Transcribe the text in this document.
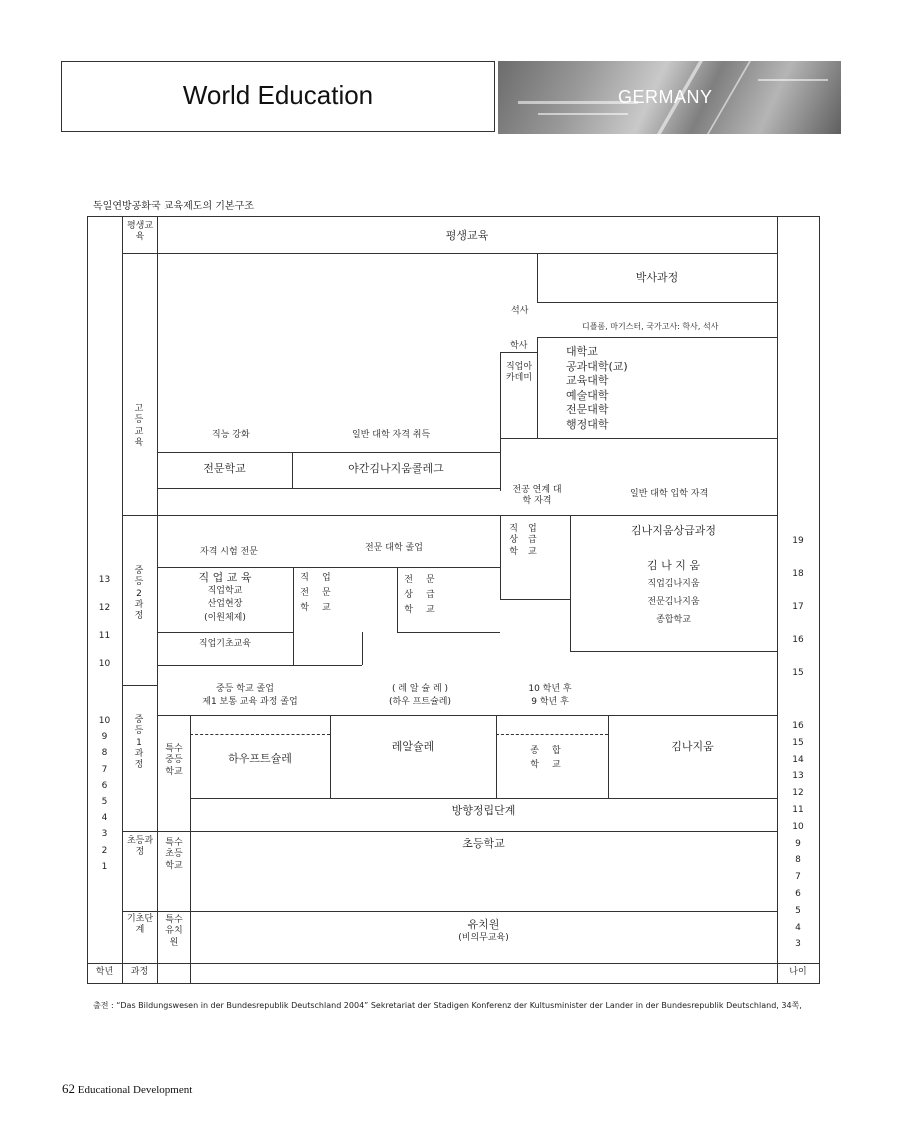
World Education	GERMANY
독일연방공화국 교육제도의 기본구조
평생교육	평생교육
고등교육
중등2과정
중등1과정
초등과정
기초단계
박사과정
석사
디플롬, 마기스터, 국가고사: 학사, 석사
학사
직업아카데미
대학교
공과대학(교)
교육대학
예술대학
전문대학
행정대학
직능 강화	일반 대학 자격 취득
전문학교	야간김나지움콜레그
전공 연계 대학 자격
일반 대학 입학 자격
직업상급학교
김나지움상급과정
김 나 지 움
직업김나지움
전문김나지움
종합학교
자격 시험 전문	전문 대학 졸업
직 업 교 육
직업학교
산업현장
(이원체제)
직업전문학교
전문상급학교
직업기초교육
중등 학교 졸업
제1 보통 교육 과정 졸업
( 레 알 슐 레 )
(하우 프트슐레)
10 학년 후
9 학년 후
특수중등학교
하우프트슐레
레알슐레	종합학교
김나지움
방향정립단계
특수초등학교
초등학교
특수유치원
유치원
(비의무교육)
학년	과정	나이
13
12
11
10
10
9
8
7
6
5
4
3
2
1
19
18
17
16
15
16
15
14
13
12
11
10
9
8
7
6
5
4
3
출전 : “Das Bildungswesen in der Bundesrepublik Deutschland 2004” Sekretariat der Stadigen Konferenz der Kultusminister der Lander in der Bundesrepublik Deutschland, 34쪽,
62 Educational Development
